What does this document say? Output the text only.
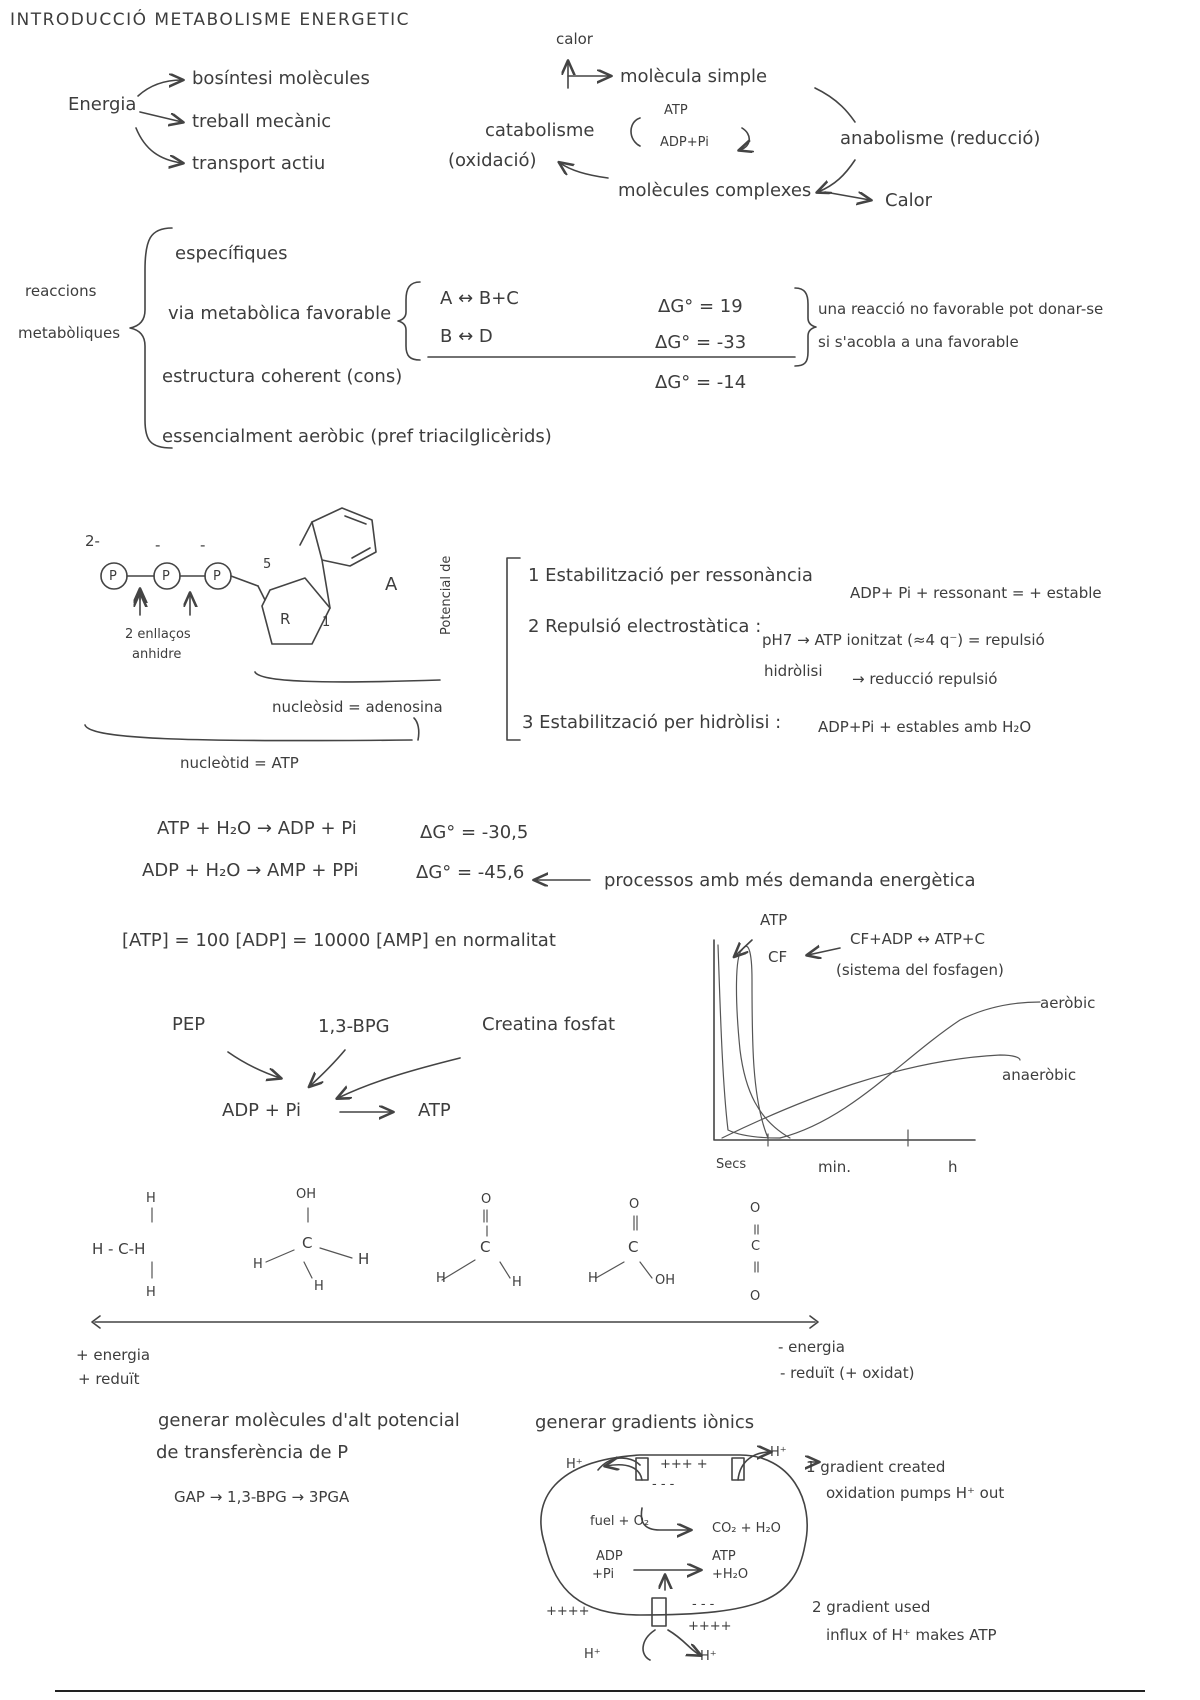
INTRODUCCIÓ METABOLISME ENERGETIC
Energia
bosíntesi molècules
treball mecànic
transport actiu
calor
molècula simple
ATP
ADP+Pi
catabolisme
(oxidació)
anabolisme (reducció)
molècules complexes	Calor
reaccions
metabòliques
específiques
via metabòlica favorable
estructura coherent (cons)
essencialment aeròbic (pref triacilglicèrids)
A ↔ B+C
B ↔ D
ΔG° = 19
ΔG° = -33
ΔG° = -14
una reacció no favorable pot donar-se
si s'acobla a una favorable
2-	-	-
P	P	P
5
R 1
A
2 enllaços
anhidre
nucleòsid = adenosina
nucleòtid = ATP
Potencial de	1 Estabilització per ressonància
ADP+ Pi + ressonant = + estable
2 Repulsió electrostàtica :
pH7 → ATP ionitzat (≈4 q⁻) = repulsió
hidròlisi → reducció repulsió
3 Estabilització per hidròlisi : ADP+Pi + estables amb H₂O
ATP + H₂O → ADP + Pi	ΔG° = -30,5
ADP + H₂O → AMP + PPi	ΔG° = -45,6	processos amb més demanda energètica
[ATP] = 100 [ADP] = 10000 [AMP] en normalitat
PEP	1,3-BPG	Creatina fosfat
ADP + Pi	ATP
ATP
CF
CF+ADP ↔ ATP+C
(sistema del fosfagen)
aeròbic
anaeròbic
Secs	min.	h
H
H - C-H
H
OH
C
H	H
H
O
C
H	H
O
C
H	OH
O
C
O
+ energia
+ reduït
- energia
- reduït (+ oxidat)
generar molècules d'alt potencial
de transferència de P
GAP → 1,3-BPG → 3PGA
generar gradients iònics
H⁺	+++ +
H⁺
- - -
fuel + O₂	CO₂ + H₂O
ADP
+Pi
ATP
+H₂O
++++	- - -
++++
H⁺	H⁺
1 gradient created
oxidation pumps H⁺ out
2 gradient used
influx of H⁺ makes ATP
